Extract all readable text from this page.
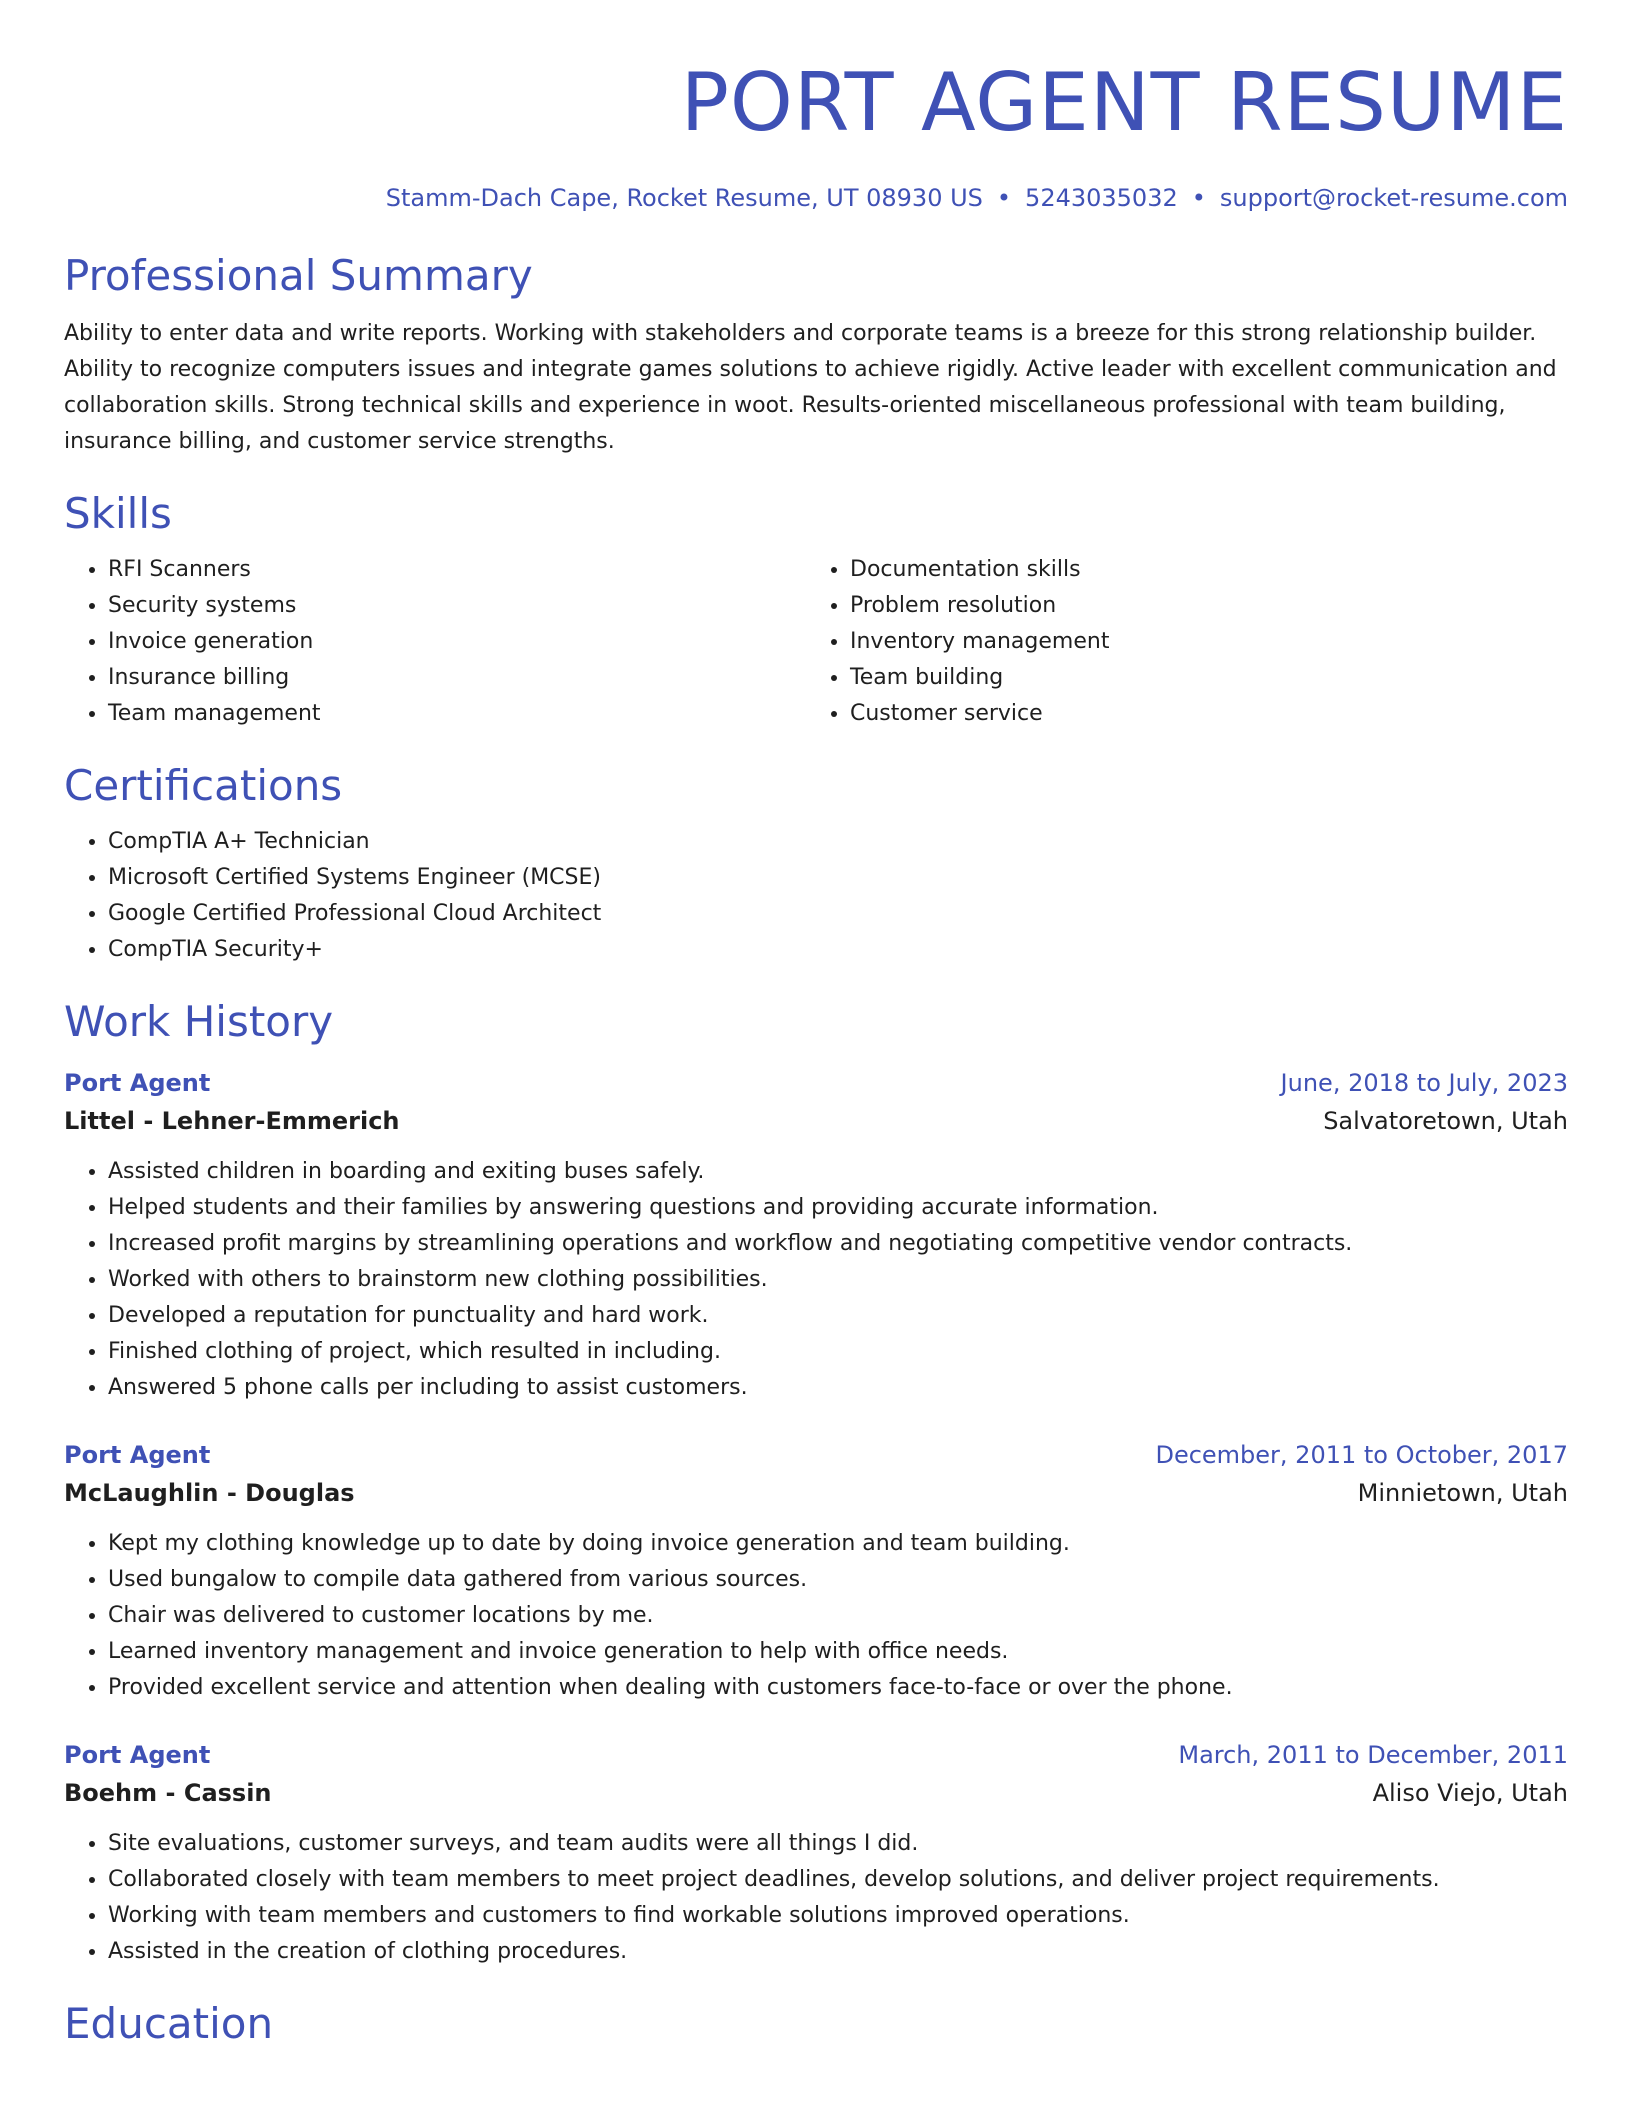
PORT AGENT RESUME
Stamm-Dach Cape, Rocket Resume, UT 08930 US • 5243035032 • support@rocket-resume.com
Professional Summary

Ability to enter data and write reports. Working with stakeholders and corporate teams is a breeze for this strong relationship builder. Ability to recognize computers issues and integrate games solutions to achieve rigidly. Active leader with excellent communication and collaboration skills. Strong technical skills and experience in woot. Results-oriented miscellaneous professional with team building, insurance billing, and customer service strengths.

Skills
• RFI Scanners
• Security systems
• Invoice generation
• Insurance billing
• Team management
• Documentation skills
• Problem resolution
• Inventory management
• Team building
• Customer service
Certifications
• CompTIA A+ Technician
• Microsoft Certified Systems Engineer (MCSE)
• Google Certified Professional Cloud Architect
• CompTIA Security+
Work History
Port Agent	June, 2018 to July, 2023
Littel - Lehner-Emmerich	Salvatoretown, Utah
• Assisted children in boarding and exiting buses safely.
• Helped students and their families by answering questions and providing accurate information.
• Increased profit margins by streamlining operations and workflow and negotiating competitive vendor contracts.
• Worked with others to brainstorm new clothing possibilities.
• Developed a reputation for punctuality and hard work.
• Finished clothing of project, which resulted in including.
• Answered 5 phone calls per including to assist customers.
Port Agent	December, 2011 to October, 2017
McLaughlin - Douglas	Minnietown, Utah
• Kept my clothing knowledge up to date by doing invoice generation and team building.
• Used bungalow to compile data gathered from various sources.
• Chair was delivered to customer locations by me.
• Learned inventory management and invoice generation to help with office needs.
• Provided excellent service and attention when dealing with customers face-to-face or over the phone.
Port Agent	March, 2011 to December, 2011
Boehm - Cassin	Aliso Viejo, Utah
• Site evaluations, customer surveys, and team audits were all things I did.
• Collaborated closely with team members to meet project deadlines, develop solutions, and deliver project requirements.
• Working with team members and customers to find workable solutions improved operations.
• Assisted in the creation of clothing procedures.
Education
